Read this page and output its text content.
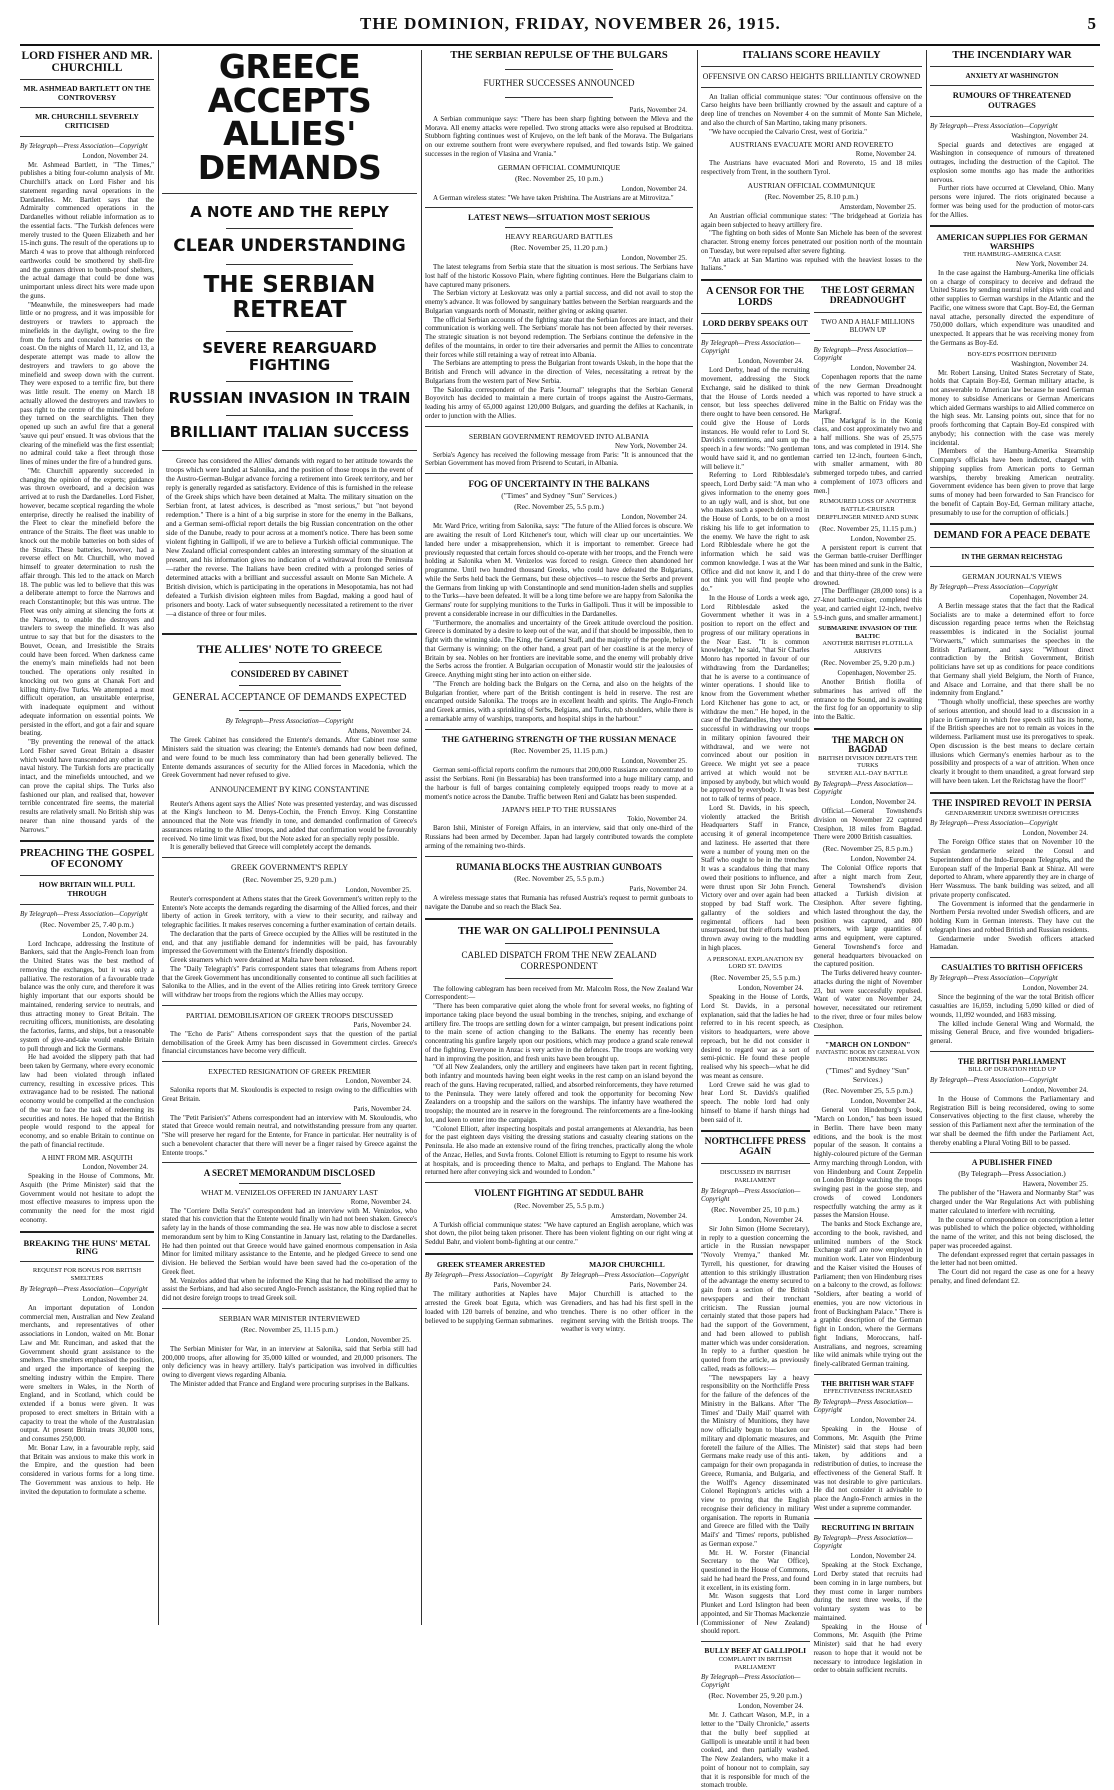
THE DOMINION, FRIDAY, NOVEMBER 26, 1915.	5
LORD FISHER AND MR. CHURCHILL
MR. ASHMEAD BARTLETT ON THE CONTROVERSY
MR. CHURCHILL SEVERELY CRITICISED
By Telegraph—Press Association—Copyright
London, November 24.

Mr. Ashmead Bartlett, in "The Times," publishes a biting four-column analysis of Mr. Churchill's attack on Lord Fisher and his statement regarding naval operations in the Dardanelles. Mr. Bartlett says that the Admiralty commenced operations in the Dardanelles without reliable information as to the essential facts. "The Turkish defences were merely trusted to the Queen Elizabeth and her 15-inch guns. The result of the operations up to March 4 was to prove that although reinforced earthworks could be smothered by shell-fire and the gunners driven to bomb-proof shelters, the actual damage that could be done was unimportant unless direct hits were made upon the guns.

"Meanwhile, the minesweepers had made little or no progress, and it was impossible for destroyers or trawlers to approach the minefields in the daylight, owing to the fire from the forts and concealed batteries on the coast. On the nights of March 11, 12, and 13, a desperate attempt was made to allow the destroyers and trawlers to go above the minefield and sweep down with the current. They were exposed to a terrific fire, but there was little result. The enemy on March 18 actually allowed the destroyers and trawlers to pass right to the centre of the minefield before they turned on the searchlights. Then they opened up such an awful fire that a general 'sauve qui peut' ensued. It was obvious that the clearing of the minefield was the first essential; no admiral could take a fleet through those lines of mines under the fire of a hundred guns.

"Mr. Churchill apparently succeeded in changing the opinion of the experts; guidance was thrown overboard, and a decision was arrived at to rush the Dardanelles. Lord Fisher, however, became sceptical regarding the whole enterprise, directly he realised the inability of the Fleet to clear the minefield before the entrance of the Straits. The fleet was unable to knock out the mobile batteries on both sides of the Straits. These batteries, however, had a reverse effect on Mr. Churchill, who moved himself to greater determination to rush the affair through. This led to the attack on March 18. The public was led to believe that this was a deliberate attempt to force the Narrows and reach Constantinople; but this was untrue. The Fleet was only aiming at silencing the forts at the Narrows, to enable the destroyers and trawlers to sweep the minefield. It was also untrue to say that but for the disasters to the Bouvet, Ocean, and Irresistible the Straits could have been forced. When darkness came the enemy's main minefields had not been touched. The operations only resulted in knocking out two guns at Chanak Fort and killing thirty-five Turks. We attempted a most difficult operation, an unsuitable enterprise, with inadequate equipment and without adequate information on essential points. We persisted in the effort, and got a fair and square beating.

"By preventing the renewal of the attack Lord Fisher saved Great Britain a disaster which would have transcended any other in our naval history. The Turkish forts are practically intact, and the minefields untouched, and we can prove the capital ships. The Turks also fashioned our plan, and realised that, however terrible concentrated fire seems, the material results are relatively small. No British ship was nearer than nine thousand yards of the Narrows."

PREACHING THE GOSPEL OF ECONOMY
HOW BRITAIN WILL PULL THROUGH
By Telegraph—Press Association—Copyright
(Rec. November 25, 7.40 p.m.)
London, November 24.

Lord Inchcape, addressing the Institute of Bankers, said that the Anglo-French loan from the United States was the best method of removing the exchanges, but it was only a palliative. The restoration of a favourable trade balance was the only cure, and therefore it was highly important that our exports should be maintained, rendering service to neutrals, and thus attracting money to Great Britain. The recruiting officers, munitionists, are desolating the factories, farms, and ships, but a reasonable system of give-and-take would enable Britain to pull through and lick the Germans.

He had avoided the slippery path that had been taken by Germany, where every economic law had been violated through inflated currency, resulting in excessive prices. This extravagance had to be resisted. The national economy would be compelled at the conclusion of the war to face the task of redeeming its securities and notes. He hoped that the British people would respond to the appeal for economy, and so enable Britain to continue on the path of financial rectitude.

A HINT FROM MR. ASQUITH
London, November 24.

Speaking in the House of Commons, Mr. Asquith (the Prime Minister) said that the Government would not hesitate to adopt the most effective measures to impress upon the community the need for the most rigid economy.

BREAKING THE HUNS' METAL RING
REQUEST FOR BONUS FOR BRITISH SMELTERS
By Telegraph—Press Association—Copyright
London, November 24.

An important deputation of London commercial men, Australian and New Zealand merchants, and representatives of other associations in London, waited on Mr. Bonar Law and Mr. Runciman, and asked that the Government should grant assistance to the smelters. The smelters emphasised the position, and urged the importance of keeping the smelting industry within the Empire. There were smelters in Wales, in the North of England, and in Scotland, which could be extended if a bonus were given. It was proposed to erect smelters in Britain with a capacity to treat the whole of the Australasian output. At present Britain treats 30,000 tons, and consumes 250,000.

Mr. Bonar Law, in a favourable reply, said that Britain was anxious to make this work in the Empire, and the question had been considered in various forms for a long time. The Government was anxious to help. He invited the deputation to formulate a scheme.

GREECE ACCEPTS ALLIES' DEMANDS
A NOTE AND THE REPLY
CLEAR UNDERSTANDING
THE SERBIAN RETREAT
SEVERE REARGUARD FIGHTING
RUSSIAN INVASION IN TRAIN
BRILLIANT ITALIAN SUCCESS

Greece has considered the Allies' demands with regard to her attitude towards the troops which were landed at Salonika, and the position of those troops in the event of the Austro-German-Bulgar advance forcing a retirement into Greek territory, and her reply is generally regarded as satisfactory. Evidence of this is furnished in the release of the Greek ships which have been detained at Malta. The military situation on the Serbian front, at latest advices, is described as "most serious," but "not beyond redemption." There is a hint of a big surprise in store for the enemy in the Balkans, and a German semi-official report details the big Russian concentration on the other side of the Danube, ready to pour across at a moment's notice. There has been some violent fighting in Gallipoli, if we are to believe a Turkish official communique. The New Zealand official correspondent cables an interesting summary of the situation at present, and his information gives no indication of a withdrawal from the Peninsula—rather the reverse. The Italians have been credited with a prolonged series of determined attacks with a brilliant and successful assault on Monte San Michele. A British division, which is participating in the operations in Mesopotamia, has not had defeated a Turkish division eighteen miles from Bagdad, making a good haul of prisoners and booty. Lack of water subsequently necessitated a retirement to the river—a distance of three or four miles.

THE ALLIES' NOTE TO GREECE
CONSIDERED BY CABINET
GENERAL ACCEPTANCE OF DEMANDS EXPECTED
By Telegraph—Press Association—Copyright
Athens, November 24.

The Greek Cabinet has considered the Entente's demands. After Cabinet rose some Ministers said the situation was clearing; the Entente's demands had now been defined, and were found to be much less comminatory than had been generally believed. The Entente demands assurances of security for the Allied forces in Macedonia, which the Greek Government had never refused to give.

ANNOUNCEMENT BY KING CONSTANTINE

Reuter's Athens agent says the Allies' Note was presented yesterday, and was discussed at the King's luncheon to M. Denys-Cochin, the French Envoy. King Constantine announced that the Note was friendly in tone, and demanded confirmation of Greece's assurances relating to the Allies' troops, and added that confirmation would be favourably received. No time limit was fixed, but the Note asked for an specially reply possible.

It is generally believed that Greece will completely accept the demands.

GREEK GOVERNMENT'S REPLY
(Rec. November 25, 9.20 p.m.)
London, November 25.

Reuter's correspondent at Athens states that the Greek Government's written reply to the Entente's Note accepts the demands regarding the disarming of the Allied forces, and their liberty of action in Greek territory, with a view to their security, and railway and telegraphic facilities. It makes reserves concerning a further examination of certain details.

The declaration that the parts of Greece occupied by the Allies will be restituted in the end, and that any justifiable demand for indemnities will be paid, has favourably impressed the Government with the Entente's friendly disposition.

Greek steamers which were detained at Malta have been released.

The "Daily Telegraph's" Paris correspondent states that telegrams from Athens report that the Greek Government has unconditionally consented to continue all such facilities at Salonika to the Allies, and in the event of the Allies retiring into Greek territory Greece will withdraw her troops from the regions which the Allies may occupy.

PARTIAL DEMOBILISATION OF GREEK TROOPS DISCUSSED
Paris, November 24.

The "Echo de Paris" Athens correspondent says that the question of the partial demobilisation of the Greek Army has been discussed in Government circles. Greece's financial circumstances have become very difficult.

EXPECTED RESIGNATION OF GREEK PREMIER
London, November 24.

Salonika reports that M. Skouloudis is expected to resign owing to the difficulties with Great Britain.

Paris, November 24.

The "Petit Parisien's" Athens correspondent had an interview with M. Skouloudis, who stated that Greece would remain neutral, and notwithstanding pressure from any quarter. "She will preserve her regard for the Entente, for France in particular. Her neutrality is of such a benevolent character that there will never be a finger raised by Greece against the Entente troops."

A SECRET MEMORANDUM DISCLOSED
WHAT M. VENIZELOS OFFERED IN JANUARY LAST
Rome, November 24.

The "Corriere Della Sera's" correspondent had an interview with M. Venizelos, who stated that his conviction that the Entente would finally win had not been shaken. Greece's safety lay in the hands of those commanding the sea. He was now able to disclose a secret memorandum sent by him to King Constantine in January last, relating to the Dardanelles. He had then pointed out that Greece would have gained enormous compensation in Asia Minor for limited military assistance to the Entente, and he pledged Greece to send one division. He believed the Serbian would have been saved had the co-operation of the Greek fleet.

M. Venizelos added that when he informed the King that he had mobilised the army to assist the Serbians, and had also secured Anglo-French assistance, the King replied that he did not desire foreign troops to tread Greek soil.

SERBIAN WAR MINISTER INTERVIEWED
(Rec. November 25, 11.15 p.m.)
London, November 25.

The Serbian Minister for War, in an interview at Salonika, said that Serbia still had 200,000 troops, after allowing for 35,000 killed or wounded, and 20,000 prisoners. The only deficiency was in heavy artillery. Italy's participation was involved in difficulties owing to divergent views regarding Albania.

The Minister added that France and England were procuring surprises in the Balkans.

THE SERBIAN REPULSE OF THE BULGARS
FURTHER SUCCESSES ANNOUNCED
Paris, November 24.

A Serbian communique says: "There has been sharp fighting between the Mleva and the Morava. All enemy attacks were repelled. Two strong attacks were also repulsed at Brodzitza. Stubborn fighting continues west of Krujevo, on the left bank of the Morava. The Bulgarians on our extreme southern front were everywhere repulsed, and fled towards Istip. We gained successes in the region of Vlasina and Vrania."

GERMAN OFFICIAL COMMUNIQUE
(Rec. November 25, 10 p.m.)
London, November 24.

A German wireless states: "We have taken Prishtina. The Austrians are at Mitrovitza."

LATEST NEWS—SITUATION MOST SERIOUS
HEAVY REARGUARD BATTLES
(Rec. November 25, 11.20 p.m.)
London, November 25.

The latest telegrams from Serbia state that the situation is most serious. The Serbians have lost half of the historic Kossovo Plain, where fighting continues. Here the Bulgarians claim to have captured many prisoners.

The Serbian victory at Leskovatz was only a partial success, and did not avail to stop the enemy's advance. It was followed by sanguinary battles between the Serbian rearguards and the Bulgarian vanguards north of Monastir, neither giving or asking quarter.

The official Serbian accounts of the fighting state that the Serbian forces are intact, and their communication is working well. The Serbians' morale has not been affected by their reverses. The strategic situation is not beyond redemption. The Serbians continue the defensive in the defiles of the mountains, in order to tire their adversaries and permit the Allies to concentrate their forces while still retaining a way of retreat into Albania.

The Serbians are attempting to press the Bulgarian front towards Uskub, in the hope that the British and French will advance in the direction of Veles, necessitating a retreat by the Bulgarians from the western part of New Serbia.

The Salonika correspondent of the Paris "Journal" telegraphs that the Serbian General Boyovitch has decided to maintain a mere curtain of troops against the Austro-Germans, leading his army of 65,000 against 120,000 Bulgars, and guarding the defiles at Kachanik, in order to junction with the Allies.

SERBIAN GOVERNMENT REMOVED INTO ALBANIA
New York, November 24.

Serbia's Agency has received the following message from Paris: "It is announced that the Serbian Government has moved from Prisrend to Scutari, in Albania.

FOG OF UNCERTAINTY IN THE BALKANS
("Times" and Sydney "Sun" Services.)
(Rec. November 25, 5.5 p.m.)
London, November 24.

Mr. Ward Price, writing from Salonika, says: "The future of the Allied forces is obscure. We are awaiting the result of Lord Kitchener's tour, which will clear up our uncertainties. We landed here under a misapprehension, which it is important to remember. Greece had previously requested that certain forces should co-operate with her troops, and the French were holding at Salonika when M. Venizelos was forced to resign. Greece then abandoned her programme. Until two hundred thousand Greeks, who could have defeated the Bulgarians, while the Serbs held back the Germans, but these objectives—to rescue the Serbs and prevent the Germans from linking up with Constantinople and send munition-laden shells and supplies to the Turks—have been defeated. It will be a long time before we are happy from Salonika the Germans' route for supplying munitions to the Turks in Gallipoli. Thus it will be impossible to prevent a considerable increase in our difficulties in the Dardanelles.

"Furthermore, the anomalies and uncertainty of the Greek attitude overcloud the position. Greece is dominated by a desire to keep out of the war, and if that should be impossible, then to fight with the winning side. The King, the General Staff, and the majority of the people, believe that Germany is winning; on the other hand, a great part of her coastline is at the mercy of Britain by sea. Nobles on her frontiers are inevitable some, and the enemy will probably drive the Serbs across the frontier. A Bulgarian occupation of Monastir would stir the jealousies of Greece. Anything might sting her into action on either side.

"The French are holding back the Bulgars on the Cerna, and also on the heights of the Bulgarian frontier, where part of the British contingent is held in reserve. The rest are encamped outside Salonika. The troops are in excellent health and spirits. The Anglo-French and Greek armies, with a sprinkling of Serbs, Belgians, and Turks, rub shoulders, while there is a remarkable army of warships, transports, and hospital ships in the harbour."

THE GATHERING STRENGTH OF THE RUSSIAN MENACE
(Rec. November 25, 11.15 p.m.)
London, November 25.

German semi-official reports confirm the rumours that 200,000 Russians are concentrated to assist the Serbians. Reni (in Bessarabia) has been transformed into a huge military camp, and the harbour is full of barges containing completely equipped troops ready to move at a moment's notice across the Danube. Traffic between Reni and Galatz has been suspended.

JAPAN'S HELP TO THE RUSSIANS
Tokio, November 24.

Baron Ishii, Minister of Foreign Affairs, in an interview, said that only one-third of the Russians had been armed by December. Japan had largely contributed towards the complete arming of the remaining two-thirds.

RUMANIA BLOCKS THE AUSTRIAN GUNBOATS
(Rec. November 25, 5.5 p.m.)
Paris, November 24.

A wireless message states that Rumania has refused Austria's request to permit gunboats to navigate the Danube and so reach the Black Sea.

THE WAR ON GALLIPOLI PENINSULA
CABLED DISPATCH FROM THE NEW ZEALAND CORRESPONDENT

The following cablegram has been received from Mr. Malcolm Ross, the New Zealand War Correspondent:—

"There has been comparative quiet along the whole front for several weeks, no fighting of importance taking place beyond the usual bombing in the trenches, sniping, and exchange of artillery fire. The troops are settling down for a winter campaign, but present indications point to the main scene of action changing to the Balkans. The enemy has recently been concentrating his gunfire largely upon our positions, which may produce a grand scale renewal of the fighting. Everyone in Anzac is very active in the defences. The troops are working very hard in improving the position, and fresh units have been brought up.

"Of all New Zealanders, only the artillery and engineers have taken part in recent fighting, both infantry and mounteds having been eight weeks in the rest camp on an island beyond the reach of the guns. Having recuperated, rallied, and absorbed reinforcements, they have returned to the Peninsula. They were lately offered and took the opportunity for becoming New Zealanders on a troopship and the sailors on the warships. The infantry have weathered the troopship; the mounted are in reserve in the foreground. The reinforcements are a fine-looking lot, and keen to enter into the campaign.

"Colonel Elliott, after inspecting hospitals and postal arrangements at Alexandria, has been for the past eighteen days visiting the dressing stations and casualty clearing stations on the Peninsula. He also made an extensive round of the firing trenches, practically along the whole of the Anzac, Helles, and Suvla fronts. Colonel Elliott is returning to Egypt to resume his work at hospitals, and is proceeding thence to Malta, and perhaps to England. The Mahone has returned here after conveying sick and wounded to London."

VIOLENT FIGHTING AT SEDDUL BAHR
(Rec. November 25, 5.5 p.m.)
Amsterdam, November 24.

A Turkish official communique states: "We have captured an English aeroplane, which was shot down, the pilot being taken prisoner. There has been violent fighting on our right wing at Seddul Bahr, and violent bomb-fighting at our centre."

GREEK STEAMER ARRESTED
By Telegraph—Press Association—Copyright
Paris, November 24.

The military authorities at Naples have arrested the Greek boat Eguta, which was loaded with 120 barrels of benzine, and who believed to be supplying German submarines.

MAJOR CHURCHILL
By Telegraph—Press Association—Copyright
Paris, November 24.

Major Churchill is attached to the Grenadiers, and has had his first spell in the trenches. There is no other officer in the regiment serving with the British troops. The weather is very wintry.

ITALIANS SCORE HEAVILY
OFFENSIVE ON CARSO HEIGHTS BRILLIANTLY CROWNED

An Italian official communique states: "Our continuous offensive on the Carso heights have been brilliantly crowned by the assault and capture of a deep line of trenches on November 4 on the summit of Monte San Michele, and also the church of San Martino, taking many prisoners.

"We have occupied the Calvario Crest, west of Gorizia."

AUSTRIANS EVACUATE MORI AND ROVERETO
Rome, November 24.

The Austrians have evacuated Mori and Rovereto, 15 and 18 miles respectively from Trent, in the southern Tyrol.

AUSTRIAN OFFICIAL COMMUNIQUE
(Rec. November 25, 8.10 p.m.)
Amsterdam, November 25.

An Austrian official communique states: "The bridgehead at Gorizia has again been subjected to heavy artillery fire.

"The fighting on both sides of Monte San Michele has been of the severest character. Strong enemy forces penetrated our position north of the mountain on Tuesday, but were repulsed after severe fighting.

"An attack at San Martino was repulsed with the heaviest losses to the Italians."

A CENSOR FOR THE LORDS
LORD DERBY SPEAKS OUT
By Telegraph—Press Association—Copyright
London, November 24.

Lord Derby, head of the recruiting movement, addressing the Stock Exchange, said he disliked to think that the House of Lords needed a censor, but less speeches delivered there ought to have been censored. He could give the House of Lords instances. He would refer to Lord St. Davids's contentions, and sum up the speech in a few words: "No gentleman would have said it, and no gentleman will believe it."

Referring to Lord Ribblesdale's speech, Lord Derby said: "A man who gives information to the enemy goes to an ugly wall, and is shot, but one who makes such a speech delivered in the House of Lords, to be on a most risking his life to get information to the enemy. We have the right to ask Lord Ribblesdale where he got the information which he said was common knowledge. I was at the War Office and did not know it, and I do not think you will find people who do."

In the House of Lords a week ago, Lord Ribblesdale asked the Government whether it was in a position to report on the effect and progress of our military operations in the Near East. "It is common knowledge," he said, "that Sir Charles Monro has reported in favour of our withdrawing from the Dardanelles; that he is averse to a continuance of winter operations. I should like to know from the Government whether Lord Kitchener has gone to act, or withdraw the men." He hoped, in the case of the Dardanelles, they would be successful in withdrawing our troops in military opinion favoured their withdrawal, and we were not convinced about our position in Greece. We might yet see a peace arrived at which would not be imposed by anybody, but which would be approved by everybody. It was best not to talk of terms of peace.

Lord St. Davids, in his speech, violently attacked the British Headquarters Staff in France, accusing it of general incompetence and laziness. He asserted that there were a number of young men on the Staff who ought to be in the trenches. It was a scandalous thing that many owed their positions to influence, and were thrust upon Sir John French. Victory over and over again had been stopped by bad Staff work. The gallantry of the soldiers and regimental officers had been unsurpassed, but their efforts had been thrown away owing to the muddling in high places.

A PERSONAL EXPLANATION BY LORD ST. DAVIDS
(Rec. November 25, 5.5 p.m.)
London, November 24.

Speaking in the House of Lords, Lord St. Davids, in a personal explanation, said that the ladies he had referred to in his recent speech, as visitors to headquarters, were above reproach, but he did not consider it desired to regard war as a sort of semi-picnic. He found these people realised why his speech—what he did was meant as censure.

Lord Crewe said he was glad to hear Lord St. Davids's qualified speech. The noble lord had only himself to blame if harsh things had been said of it.

NORTHCLIFFE PRESS AGAIN
DISCUSSED IN BRITISH PARLIAMENT
By Telegraph—Press Association—Copyright
(Rec. November 25, 10 p.m.)
London, November 24.

Sir John Simon (Home Secretary), in reply to a question concerning the article in the Russian newspaper "Novoly Vremya," thanked Mr. Tyrrell, his questioner, for drawing attention to this strikingly illustration of the advantage the enemy secured to gain from a section of the British newspapers and their trenchant criticism. The Russian journal certainly stated that those papers had had the support of the Government, and had been allowed to publish matter which was under consideration. In reply to a further question he quoted from the article, as previously called, reads as follows:—

"The newspapers lay a heavy responsibility on the Northcliffe Press for the failure of the defences of the Ministry in the Balkans. After 'The Times' and 'Daily Mail' quarrel with the Ministry of Munitions, they have now officially begun to blacken our military and diplomatic measures, and foretell the failure of the Allies. The Germans make ready use of this anti-campaign for their own propaganda in Greece, Rumania, and Bulgaria, and the Wolff's Agency disseminated Colonel Repington's articles with a view to proving that the English recognise their deficiency in military organisation. The reports in Rumania and Greece are filled with the 'Daily Mail's' and 'Times' reports, published as German expose."

Mr. H. W. Forster (Financial Secretary to the War Office), questioned in the House of Commons, said he had heard the Press, and found it excellent, in its existing form.

Mr. Wason suggests that Lord Plunket and Lord Islington had been appointed, and Sir Thomas Mackenzie (Commissioner of New Zealand) should report.

BULLY BEEF AT GALLIPOLI
COMPLAINT IN BRITISH PARLIAMENT
By Telegraph—Press Association—Copyright
(Rec. November 25, 9.20 p.m.)
London, November 24.

Mr. J. Cathcart Wason, M.P., in a letter to the "Daily Chronicle," asserts that the bully beef supplied at Gallipoli is uneatable until it had been cooked, and then partially washed. The New Zealanders, who make it a point of honour not to complain, say that it is responsible for much of the stomach trouble.

THE LOST GERMAN DREADNOUGHT
TWO AND A HALF MILLIONS BLOWN UP
By Telegraph—Press Association—Copyright
London, November 24.

Copenhagen reports that the name of the new German Dreadnought which was reported to have struck a mine in the Baltic on Friday was the Markgraf.

[The Markgraf is in the Konig class, and cost approximately two and a half millions. She was of 25,575 tons, and was completed in 1914. She carried ten 12-inch, fourteen 6-inch, with smaller armament, with 80 submerged torpedo tubes, and carried a complement of 1073 officers and men.]

RUMOURED LOSS OF ANOTHER BATTLE-CRUISER
DERFFLINGER MINED AND SUNK
(Rec. November 25, 11.15 p.m.)
London, November 25.

A persistent report is current that the German battle-cruiser Derfflinger has been mined and sunk in the Baltic, and that thirty-three of the crew were drowned.

[The Derfflinger (28,000 tons) is a 27-knot battle-cruiser, completed this year, and carried eight 12-inch, twelve 5.9-inch guns, and smaller armament.]

SUBMARINE INVASION OF THE BALTIC
ANOTHER BRITISH FLOTILLA ARRIVES
(Rec. November 25, 9.20 p.m.)
Copenhagen, November 25.

Another British flotilla of submarines has arrived off the entrance to the Sound, and is awaiting the first fog for an opportunity to slip into the Baltic.

THE MARCH ON BAGDAD
BRITISH DIVISION DEFEATS THE TURKS
SEVERE ALL-DAY BATTLE
By Telegraph—Press Association—Copyright
London, November 24.

Official.—General Townshend's division on November 22 captured Ctesiphon, 18 miles from Bagdad. There were 2000 British casualties.

(Rec. November 25, 8.5 p.m.)
London, November 24.

The Colonial Office reports that after a night march from Zeur, General Townshend's division attacked a Turkish division at Ctesiphon. After severe fighting, which lasted throughout the day, the position was captured, and 800 prisoners, with large quantities of arms and equipment, were captured. General Townshend's force and general headquarters bivouacked on the captured position.

The Turks delivered heavy counter-attacks during the night of November 23, but were successfully repulsed. Want of water on November 24, however, necessitated our retirement to the river, three or four miles below Ctesiphon.

"MARCH ON LONDON"
FANTASTIC BOOK BY GENERAL VON HINDENBURG
("Times" and Sydney "Sun" Services.)
(Rec. November 25, 5.5 p.m.)
London, November 24.

General von Hindenburg's book, "March on London," has been issued in Berlin. There have been many editions, and the book is the most popular of the season. It contains a highly-coloured picture of the German Army marching through London, with von Hindenburg and Count Zeppelin on London Bridge watching the troops swinging past in the goose step, and crowds of cowed Londoners respectfully watching the army as it passes the Mansion House.

The banks and Stock Exchange are, according to the book, ravished, and unlimited numbers of the Stock Exchange staff are now employed in munition work. Later von Hindenburg and the Kaiser visited the Houses of Parliament; then von Hindenburg rises on a balcony to the crowd, as follows: "Soldiers, after beating a world of enemies, you are now victorious in front of Buckingham Palace." There is a graphic description of the German fight in London, where the Germans fight Indians, Moroccans, half-Australians, and negroes, screaming like wild animals while trying out the finely-calibrated German training.

THE BRITISH WAR STAFF
EFFECTIVENESS INCREASED
By Telegraph—Press Association—Copyright
London, November 24.

Speaking in the House of Commons, Mr. Asquith (the Prime Minister) said that steps had been taken, by additions and a redistribution of duties, to increase the effectiveness of the General Staff. It was not desirable to give particulars. He did not consider it advisable to place the Anglo-French armies in the West under a supreme commander.

RECRUITING IN BRITAIN
By Telegraph—Press Association—Copyright
London, November 24.

Speaking at the Stock Exchange, Lord Derby stated that recruits had been coming in in large numbers, but they must come in larger numbers during the next three weeks, if the voluntary system was to be maintained.

Speaking in the House of Commons, Mr. Asquith (the Prime Minister) said that he had every reason to hope that it would not be necessary to introduce legislation in order to obtain sufficient recruits.

THE INCENDIARY WAR
ANXIETY AT WASHINGTON
RUMOURS OF THREATENED OUTRAGES
By Telegraph—Press Association—Copyright
Washington, November 24.

Special guards and detectives are engaged at Washington in consequence of rumours of threatened outrages, including the destruction of the Capitol. The explosion some months ago has made the authorities nervous.

Further riots have occurred at Cleveland, Ohio. Many persons were injured. The riots originated because a former was being used for the production of motor-cars for the Allies.

AMERICAN SUPPLIES FOR GERMAN WARSHIPS
THE HAMBURG-AMERIKA CASE
New York, November 24.

In the case against the Hamburg-Amerika line officials on a charge of conspiracy to deceive and defraud the United States by sending neutral relief ships with coal and other supplies to German warships in the Atlantic and the Pacific, one witness swore that Capt. Boy-Ed, the German naval attache, personally directed the expenditure of 750,000 dollars, which expenditure was unaudited and unexpected. It appears that he was receiving money from the Germans as Boy-Ed.

BOY-ED'S POSITION DEFINED
Washington, November 24.

Mr. Robert Lansing, United States Secretary of State, holds that Captain Boy-Ed, German military attache, is not answerable to American law because he used German money to subsidise Americans or German Americans which aided Germans warships to aid Allied commerce on the high seas. Mr. Lansing points out, since that for no proofs forthcoming that Captain Boy-Ed conspired with anybody; his connection with the case was merely incidental.

[Members of the Hamburg-Amerika Steamship Company's officials have been indicted, charged with shipping supplies from American ports to German warships, thereby breaking American neutrality. Government evidence has been given to prove that large sums of money had been forwarded to San Francisco for the benefit of Captain Boy-Ed, German military attache, presumably to use for the corruption of officials.]

DEMAND FOR A PEACE DEBATE
IN THE GERMAN REICHSTAG
GERMAN JOURNAL'S VIEWS
By Telegraph—Press Association—Copyright
Copenhagen, November 24.

A Berlin message states that the fact that the Radical Socialists are to make a determined effort to force discussion regarding peace terms when the Reichstag reassembles is indicated in the Socialist journal "Vorwaerts," which summarises the speeches in the British Parliament, and says: "Without direct contradiction by the British Government, British politicians have set up as conditions for peace conditions that Germany shall yield Belgium, the North of France, and Alsace and Lorraine, and that there shall be no indemnity from England."

"Though wholly unofficial, these speeches are worthy of serious attention, and should lead to a discussion in a place in Germany in which free speech still has its home, if the British speeches are not to remain as voices in the wilderness. Parliament must use its prerogatives to speak. Open discussion is the best means to declare certain illusions which Germany's enemies harbour as to the possibility and prospects of a war of attrition. When once clearly it brought to them unaudited, a great forward step will have been taken. Let the Reichstag have the floor!"

THE INSPIRED REVOLT IN PERSIA
GENDARMERIE UNDER SWEDISH OFFICERS
By Telegraph—Press Association—Copyright
London, November 24.

The Foreign Office states that on November 10 the Persian gendarmerie seized the Consul and Superintendent of the Indo-European Telegraphs, and the European staff of the Imperial Bank at Shiraz. All were deported to Ahram, where apparently they are in charge of Herr Wassmuss. The bank building was seized, and all private property confiscated.

The Government is informed that the gendarmerie in Northern Persia revolted under Swedish officers, and are holding Kum in German interests. They have cut the telegraph lines and robbed British and Russian residents.

Gendarmerie under Swedish officers attacked Hamadan.

CASUALTIES TO BRITISH OFFICERS
By Telegraph—Press Association—Copyright
London, November 24.

Since the beginning of the war the total British officer casualties are 16,059, including 5,090 killed or died of wounds, 11,092 wounded, and 1683 missing.

The killed include General Wing and Wormald, the missing General Bruce, and five wounded brigadiers-general.

THE BRITISH PARLIAMENT
BILL OF DURATION HELD UP
By Telegraph—Press Association—Copyright
London, November 24.

In the House of Commons the Parliamentary and Registration Bill is being reconsidered, owing to some Conservatives objecting to the first clause, whereby the session of this Parliament next after the termination of the war shall be deemed the fifth under the Parliament Act, thereby enabling a Plural Voting Bill to be passed.

A PUBLISHER FINED
(By Telegraph—Press Association.)
Hawera, November 25.

The publisher of the "Hawera and Normanby Star" was charged under the War Regulations Act with publishing matter calculated to interfere with recruiting.

In the course of correspondence on conscription a letter was published to which the police objected, withholding the name of the writer, and this not being disclosed, the paper was proceeded against.

The defendant expressed regret that certain passages in the letter had not been omitted.

The Court did not regard the case as one for a heavy penalty, and fined defendant £2.
